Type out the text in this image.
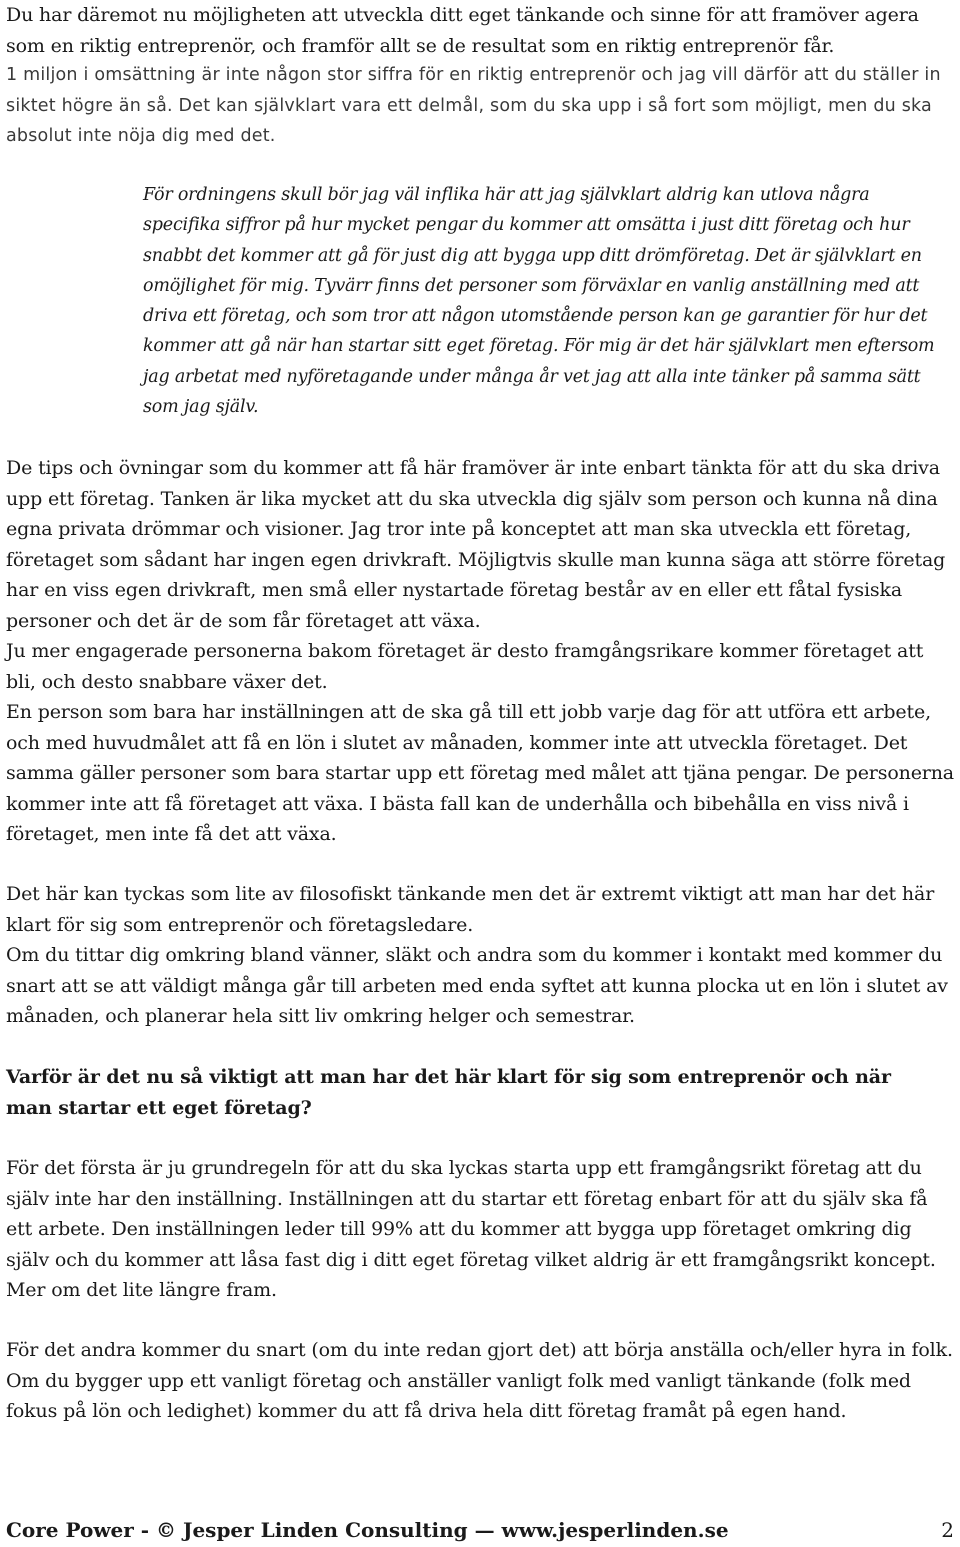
Du har däremot nu möjligheten att utveckla ditt eget tänkande och sinne för att framöver agera som en riktig entreprenör, och framför allt se de resultat som en riktig entreprenör får.

1 miljon i omsättning är inte någon stor siffra för en riktig entreprenör och jag vill därför att du ställer in siktet högre än så. Det kan självklart vara ett delmål, som du ska upp i så fort som möjligt, men du ska absolut inte nöja dig med det.

För ordningens skull bör jag väl inflika här att jag självklart aldrig kan utlova några specifika siffror på hur mycket pengar du kommer att omsätta i just ditt företag och hur snabbt det kommer att gå för just dig att bygga upp ditt drömföretag. Det är självklart en omöjlighet för mig. Tyvärr finns det personer som förväxlar en vanlig anställning med att driva ett företag, och som tror att någon utomstående person kan ge garantier för hur det kommer att gå när han startar sitt eget företag. För mig är det här självklart men eftersom jag arbetat med nyföretagande under många år vet jag att alla inte tänker på samma sätt som jag själv.

De tips och övningar som du kommer att få här framöver är inte enbart tänkta för att du ska driva upp ett företag. Tanken är lika mycket att du ska utveckla dig själv som person och kunna nå dina egna privata drömmar och visioner. Jag tror inte på konceptet att man ska utveckla ett företag, företaget som sådant har ingen egen drivkraft. Möjligtvis skulle man kunna säga att större företag har en viss egen drivkraft, men små eller nystartade företag består av en eller ett fåtal fysiska personer och det är de som får företaget att växa.

Ju mer engagerade personerna bakom företaget är desto framgångsrikare kommer företaget att bli, och desto snabbare växer det.

En person som bara har inställningen att de ska gå till ett jobb varje dag för att utföra ett arbete, och med huvudmålet att få en lön i slutet av månaden, kommer inte att utveckla företaget. Det samma gäller personer som bara startar upp ett företag med målet att tjäna pengar. De personerna kommer inte att få företaget att växa. I bästa fall kan de underhålla och bibehålla en viss nivå i företaget, men inte få det att växa.

Det här kan tyckas som lite av filosofiskt tänkande men det är extremt viktigt att man har det här klart för sig som entreprenör och företagsledare.

Om du tittar dig omkring bland vänner, släkt och andra som du kommer i kontakt med kommer du snart att se att väldigt många går till arbeten med enda syftet att kunna plocka ut en lön i slutet av månaden, och planerar hela sitt liv omkring helger och semestrar.

Varför är det nu så viktigt att man har det här klart för sig som entreprenör och när man startar ett eget företag?

För det första är ju grundregeln för att du ska lyckas starta upp ett framgångsrikt företag att du själv inte har den inställning. Inställningen att du startar ett företag enbart för att du själv ska få ett arbete. Den inställningen leder till 99% att du kommer att bygga upp företaget omkring dig själv och du kommer att låsa fast dig i ditt eget företag vilket aldrig är ett framgångsrikt koncept. Mer om det lite längre fram.

För det andra kommer du snart (om du inte redan gjort det) att börja anställa och/eller hyra in folk. Om du bygger upp ett vanligt företag och anställer vanligt folk med vanligt tänkande (folk med fokus på lön och ledighet) kommer du att få driva hela ditt företag framåt på egen hand.

Core Power - © Jesper Linden Consulting — www.jesperlinden.se	2
